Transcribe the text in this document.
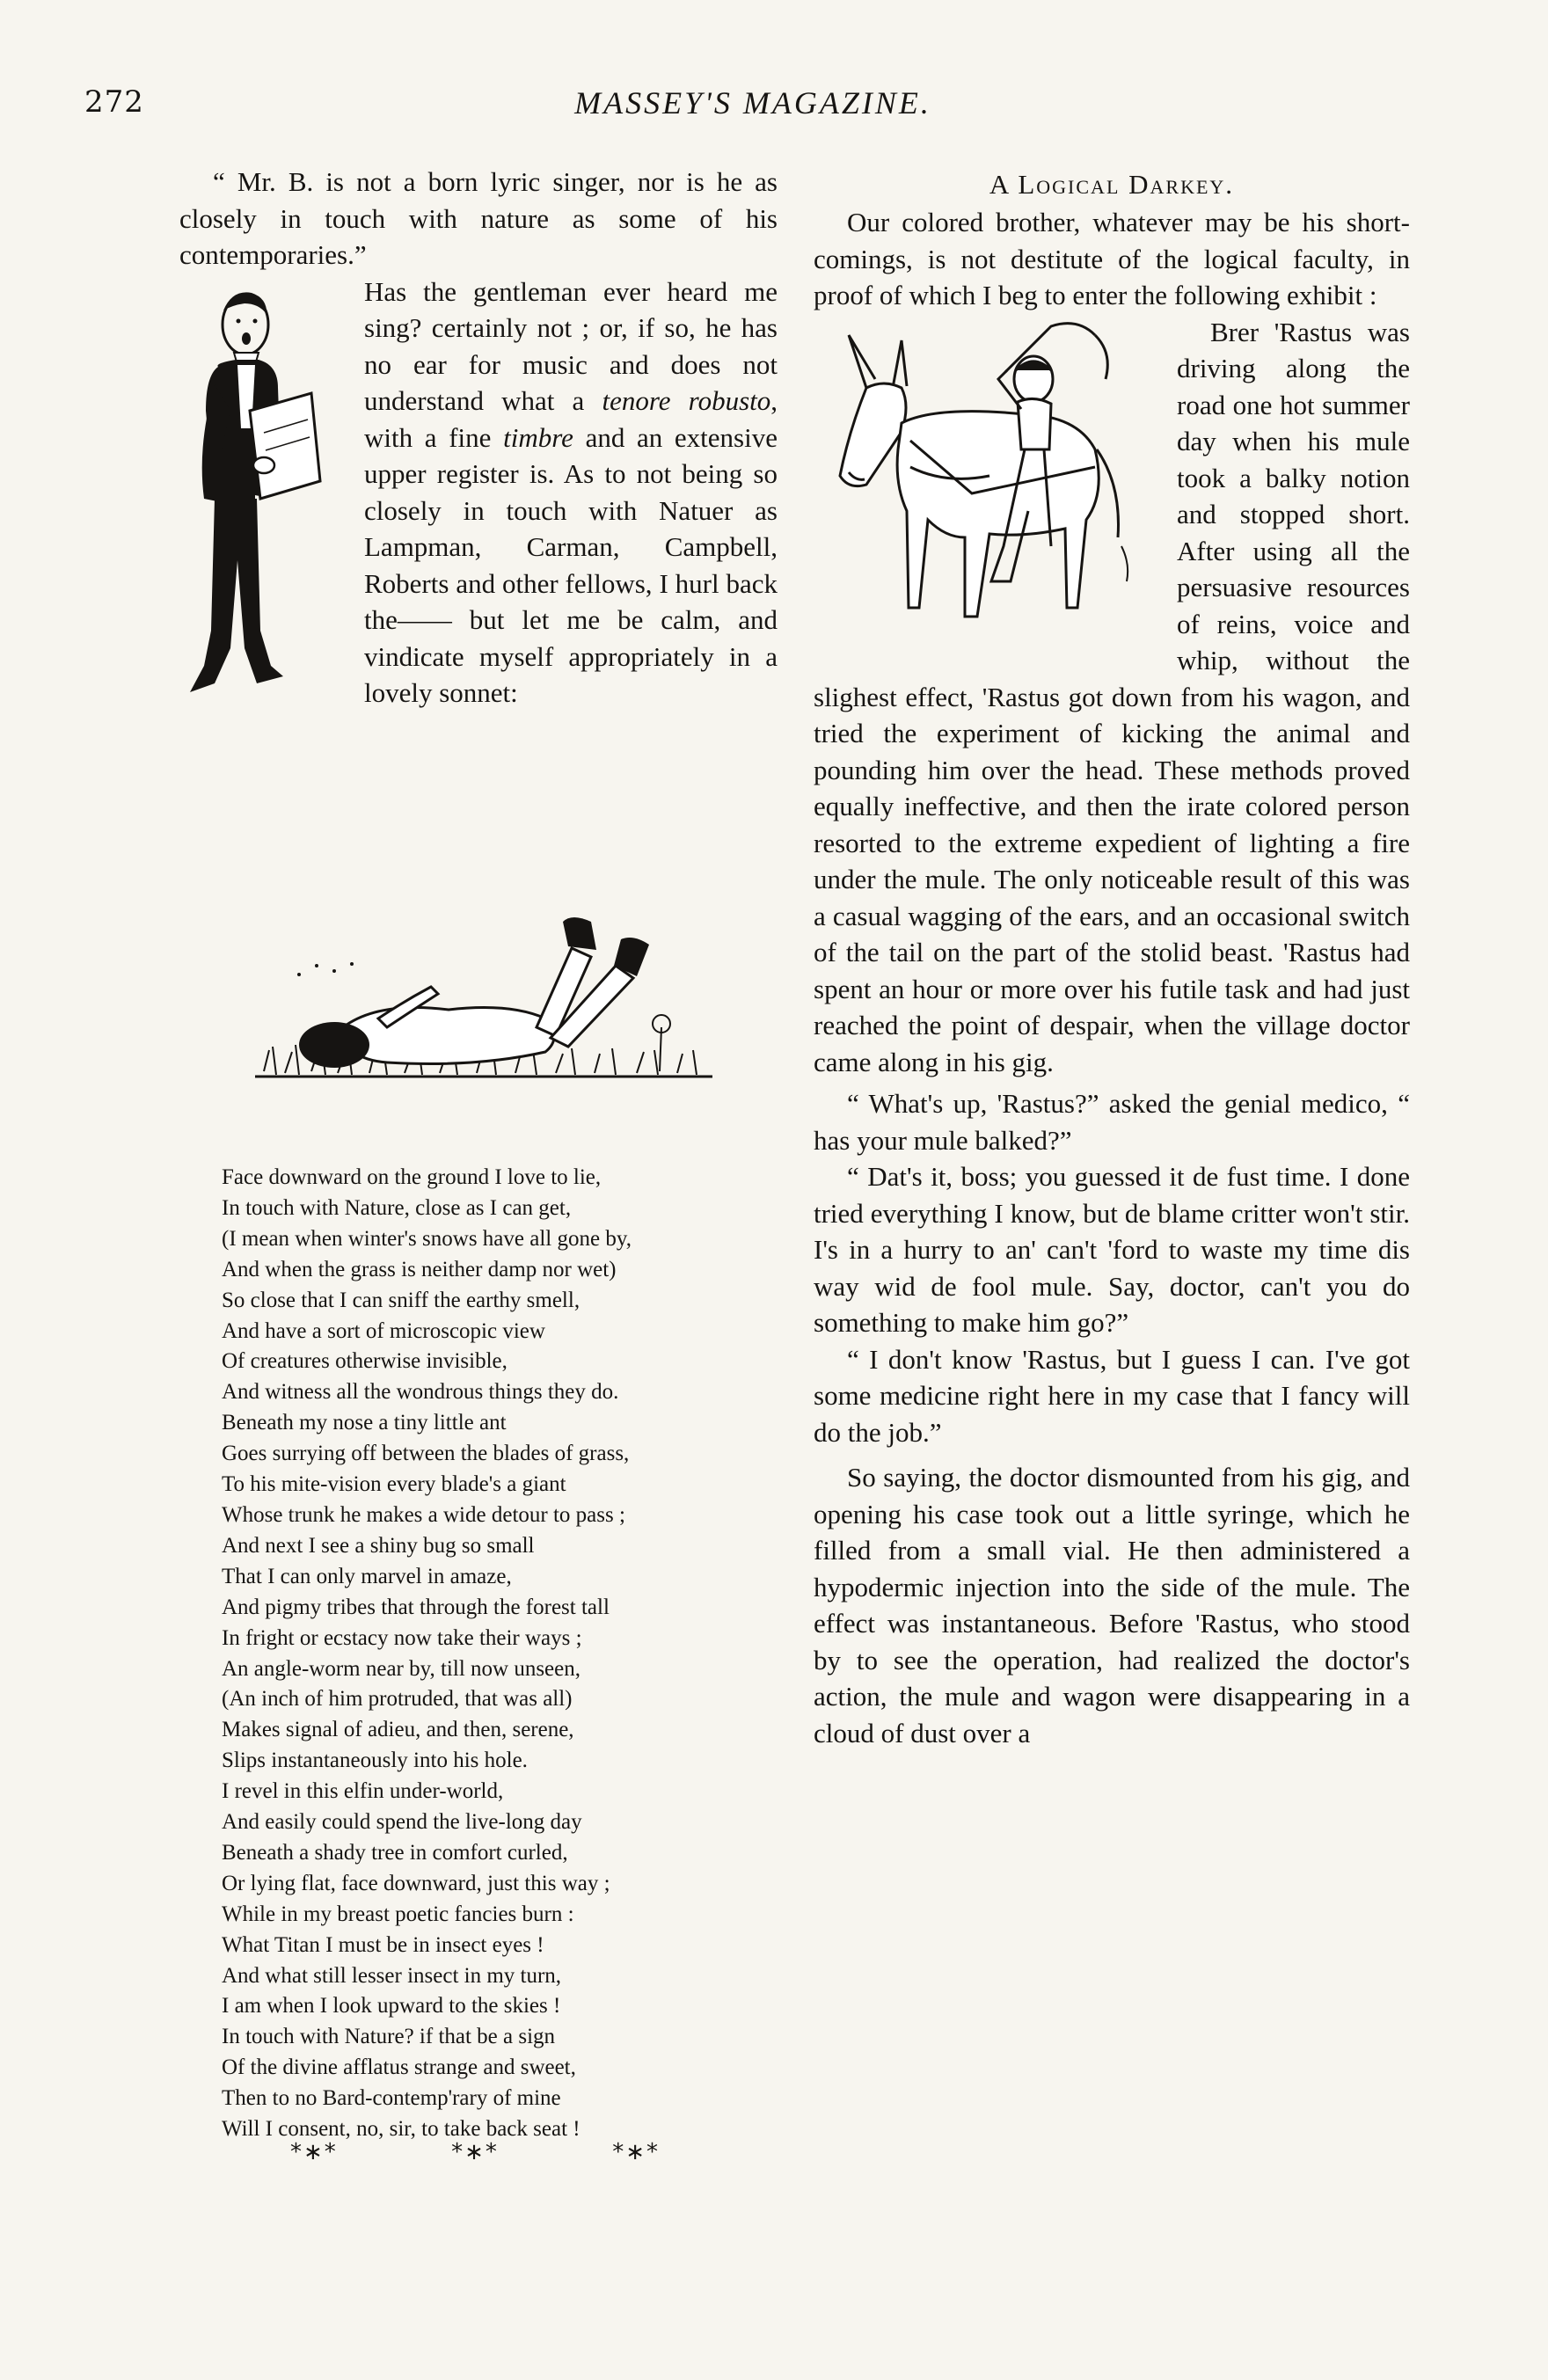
272	MASSEY'S MAGAZINE.

“ Mr. B. is not a born lyric singer, nor is he as closely in touch with nature as some of his contemporaries.”

Has the gentleman ever heard me sing? certainly not ; or, if so, he has no ear for music and does not understand what a tenore robusto, with a fine timbre and an extensive upper register is. As to not being so closely in touch with Natuer as Lampman, Carman, Campbell, Roberts and other fellows, I hurl back the—— but let me be calm, and vindicate myself appropriately in a lovely sonnet:

Face downward on the ground I love to lie,
In touch with Nature, close as I can get,
(I mean when winter's snows have all gone by,
And when the grass is neither damp nor wet)
So close that I can sniff the earthy smell,
And have a sort of microscopic view
Of creatures otherwise invisible,
And witness all the wondrous things they do.
Beneath my nose a tiny little ant
Goes surrying off between the blades of grass,
To his mite-vision every blade's a giant
Whose trunk he makes a wide detour to pass ;
And next I see a shiny bug so small
That I can only marvel in amaze,
And pigmy tribes that through the forest tall
In fright or ecstacy now take their ways ;
An angle-worm near by, till now unseen,
(An inch of him protruded, that was all)
Makes signal of adieu, and then, serene,
Slips instantaneously into his hole.
I revel in this elfin under-world,
And easily could spend the live-long day
Beneath a shady tree in comfort curled,
Or lying flat, face downward, just this way ;
While in my breast poetic fancies burn :
What Titan I must be in insect eyes !
And what still lesser insect in my turn,
I am when I look upward to the skies !
In touch with Nature? if that be a sign
Of the divine afflatus strange and sweet,
Then to no Bard-contemp'rary of mine
Will I consent, no, sir, to take back seat !
*∗*	*∗*	*∗*
A Logical Darkey.

Our colored brother, whatever may be his short-comings, is not destitute of the logical faculty, in proof of which I beg to enter the following exhibit :

Brer 'Rastus was driving along the road one hot summer day when his mule took a balky notion and stopped short. After using all the persuasive resources of reins, voice and whip, without the slighest effect, 'Rastus got down from his wagon, and tried the experiment of kicking the animal and pounding him over the head. These methods proved equally ineffective, and then the irate colored person resorted to the extreme expedient of lighting a fire under the mule. The only noticeable result of this was a casual wagging of the ears, and an occasional switch of the tail on the part of the stolid beast. 'Rastus had spent an hour or more over his futile task and had just reached the point of despair, when the village doctor came along in his gig.

“ What's up, 'Rastus?” asked the genial medico, “ has your mule balked?”

“ Dat's it, boss; you guessed it de fust time. I done tried everything I know, but de blame critter won't stir. I's in a hurry to an' can't 'ford to waste my time dis way wid de fool mule. Say, doctor, can't you do something to make him go?”

“ I don't know 'Rastus, but I guess I can. I've got some medicine right here in my case that I fancy will do the job.”

So saying, the doctor dismounted from his gig, and opening his case took out a little syringe, which he filled from a small vial. He then administered a hypodermic injection into the side of the mule. The effect was instantaneous. Before 'Rastus, who stood by to see the operation, had realized the doctor's action, the mule and wagon were disappearing in a cloud of dust over a
